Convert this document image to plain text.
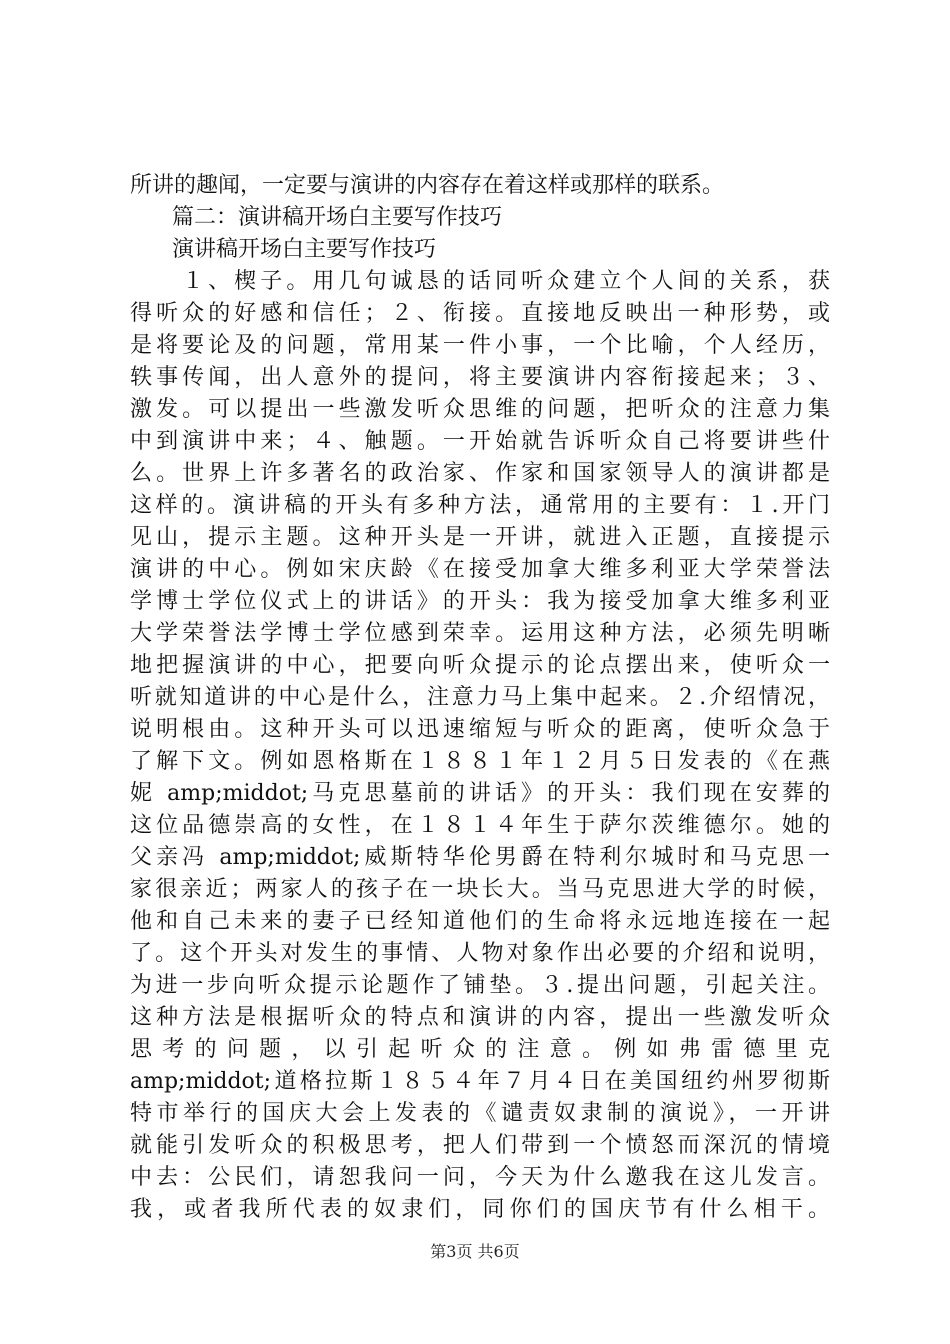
所讲的趣闻，一定要与演讲的内容存在着这样或那样的联系。
篇二：演讲稿开场白主要写作技巧
演讲稿开场白主要写作技巧
１、楔子。用几句诚恳的话同听众建立个人间的关系，获
得听众的好感和信任；２、衔接。直接地反映出一种形势，或
是将要论及的问题，常用某一件小事，一个比喻，个人经历，
轶事传闻，出人意外的提问，将主要演讲内容衔接起来；３、
激发。可以提出一些激发听众思维的问题，把听众的注意力集
中到演讲中来；４、触题。一开始就告诉听众自己将要讲些什
么。世界上许多著名的政治家、作家和国家领导人的演讲都是
这样的。演讲稿的开头有多种方法，通常用的主要有：１.开门
见山，提示主题。这种开头是一开讲，就进入正题，直接提示
演讲的中心。例如宋庆龄《在接受加拿大维多利亚大学荣誉法
学博士学位仪式上的讲话》的开头：我为接受加拿大维多利亚
大学荣誉法学博士学位感到荣幸。运用这种方法，必须先明晰
地把握演讲的中心，把要向听众提示的论点摆出来，使听众一
听就知道讲的中心是什么，注意力马上集中起来。２.介绍情况，
说明根由。这种开头可以迅速缩短与听众的距离，使听众急于
了解下文。例如恩格斯在１８８１年１２月５日发表的《在燕
妮 amp;middot;马克思墓前的讲话》的开头：我们现在安葬的
这位品德崇高的女性，在１８１４年生于萨尔茨维德尔。她的
父亲冯 amp;middot;威斯特华伦男爵在特利尔城时和马克思一
家很亲近；两家人的孩子在一块长大。当马克思进大学的时候，
他和自己未来的妻子已经知道他们的生命将永远地连接在一起
了。这个开头对发生的事情、人物对象作出必要的介绍和说明，
为进一步向听众提示论题作了铺垫。３.提出问题，引起关注。
这种方法是根据听众的特点和演讲的内容，提出一些激发听众
思考的问题，以引起听众的注意。例如弗雷德里克
amp;middot;道格拉斯１８５４年７月４日在美国纽约州罗彻斯
特市举行的国庆大会上发表的《谴责奴隶制的演说》，一开讲
就能引发听众的积极思考，把人们带到一个愤怒而深沉的情境
中去：公民们，请恕我问一问，今天为什么邀我在这儿发言。
我，或者我所代表的奴隶们，同你们的国庆节有什么相干。
第3页 共6页
